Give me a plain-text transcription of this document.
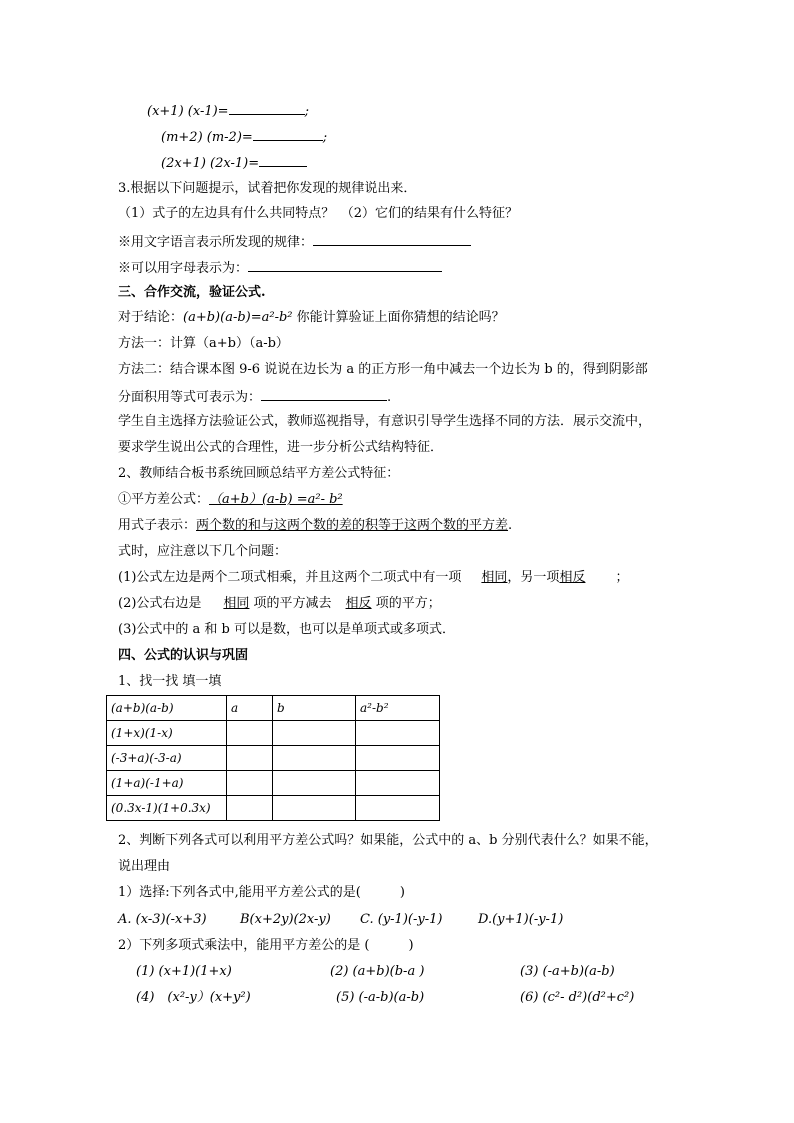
(x+1) (x-1)=	;
(m+2) (m-2)=	;
(2x+1) (2x-1)=
3.根据以下问题提示，试着把你发现的规律说出来．
（1）式子的左边具有什么共同特点？　（2）它们的结果有什么特征？
※用文字语言表示所发现的规律：
※可以用字母表示为：
三、合作交流，验证公式.
对于结论：(a+b)(a-b)=a²-b² 你能计算验证上面你猜想的结论吗？
方法一：计算（a+b）（a-b）
方法二：结合课本图 9-6 说说在边长为 a 的正方形一角中减去一个边长为 b 的，得到阴影部
分面积用等式可表示为：	.
学生自主选择方法验证公式，教师巡视指导，有意识引导学生选择不同的方法．展示交流中，
要求学生说出公式的合理性，进一步分析公式结构特征．
2、教师结合板书系统回顾总结平方差公式特征：
①平方差公式：（a+b）(a-b) =a²- b²
用式子表示：两个数的和与这两个数的差的积等于这两个数的平方差.
式时，应注意以下几个问题：
(1)公式左边是两个二项式相乘，并且这两个二项式中有一项 相同，另一项相反 ；
(2)公式右边是 相同 项的平方减去 相反 项的平方；
(3)公式中的 a 和 b 可以是数，也可以是单项式或多项式．
四、公式的认识与巩固
1、找一找 填一填
(a+b)(a-b)	a	b	a²-b²
(1+x)(1-x)			
(-3+a)(-3-a)			
(1+a)(-1+a)			
(0.3x-1)(1+0.3x)			
2、判断下列各式可以利用平方差公式吗？如果能，公式中的 a、b 分别代表什么？如果不能，
说出理由
1）选择:下列各式中,能用平方差公式的是(　　　)
A. (x-3)(-x+3)	B(x+2y)(2x-y) C. (y-1)(-y-1)	D.(y+1)(-y-1)
2）下列多项式乘法中，能用平方差公的是 (　　　)
(1) (x+1)(1+x)	(2) (a+b)(b-a )	(3) (-a+b)(a-b)
(4)　(x²-y）(x+y²)	(5) (-a-b)(a-b)	(6) (c²- d²)(d²+c²)
